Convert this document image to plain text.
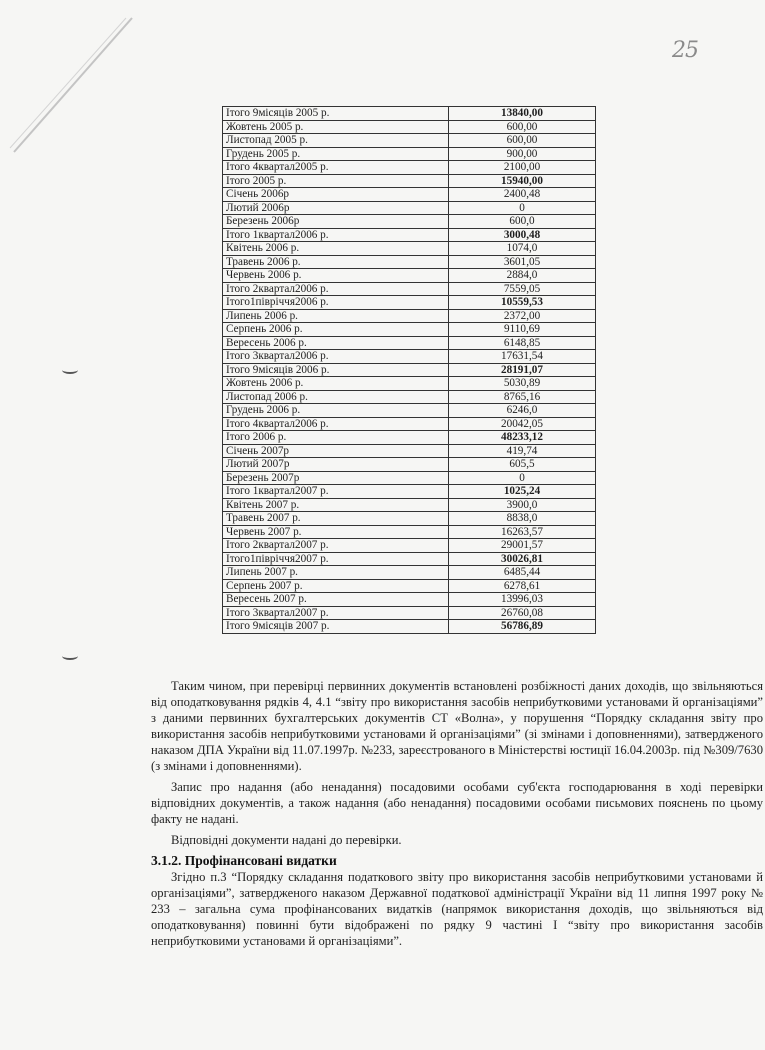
25
Ітого 9місяців 2005 р.	13840,00
Жовтень 2005 р.	600,00
Листопад 2005 р.	600,00
Грудень 2005 р.	900,00
Ітого 4квартал2005 р.	2100,00
Ітого 2005 р.	15940,00
Січень 2006р	2400,48
Лютий 2006р	0
Березень 2006р	600,0
Ітого 1квартал2006 р.	3000,48
Квітень 2006 р.	1074,0
Травень 2006 р.	3601,05
Червень 2006 р.	2884,0
Ітого 2квартал2006 р.	7559,05
Ітого1півріччя2006 р.	10559,53
Липень 2006 р.	2372,00
Серпень 2006 р.	9110,69
Вересень 2006 р.	6148,85
Ітого 3квартал2006 р.	17631,54
Ітого 9місяців 2006 р.	28191,07
Жовтень 2006 р.	5030,89
Листопад 2006 р.	8765,16
Грудень 2006 р.	6246,0
Ітого 4квартал2006 р.	20042,05
Ітого 2006 р.	48233,12
Січень 2007р	419,74
Лютий 2007р	605,5
Березень 2007р	0
Ітого 1квартал2007 р.	1025,24
Квітень 2007 р.	3900,0
Травень 2007 р.	8838,0
Червень 2007 р.	16263,57
Ітого 2квартал2007 р.	29001,57
Ітого1півріччя2007 р.	30026,81
Липень 2007 р.	6485,44
Серпень 2007 р.	6278,61
Вересень 2007 р.	13996,03
Ітого 3квартал2007 р.	26760,08
Ітого 9місяців 2007 р.	56786,89

Таким чином, при перевірці первинних документів встановлені розбіжності даних доходів, що звільняються від оподатковування рядків 4, 4.1 “звіту про використання засобів неприбутковими установами й організаціями” з даними первинних бухгалтерських документів СТ «Волна», у порушення “Порядку складання звіту про використання засобів неприбутковими установами й організаціями” (зі змінами і доповненнями), затвердженого наказом ДПА України від 11.07.1997р. №233, зареєстрованого в Міністерстві юстиції 16.04.2003р. під №309/7630 (з змінами і доповненнями).

Запис про надання (або ненадання) посадовими особами суб'єкта господарювання в ході перевірки відповідних документів, а також надання (або ненадання) посадовими особами письмових пояснень по цьому факту не надані.

Відповідні документи надані до перевірки.

3.1.2. Профінансовані видатки

Згідно п.3 “Порядку складання податкового звіту про використання засобів неприбутковими установами й організаціями”, затвердженого наказом Державної податкової адміністрації України від 11 липня 1997 року № 233 – загальна сума профінансованих видатків (напрямок використання доходів, що звільняються від оподатковування) повинні бути відображені по рядку 9 частині І “звіту про використання засобів неприбутковими установами й організаціями”.
